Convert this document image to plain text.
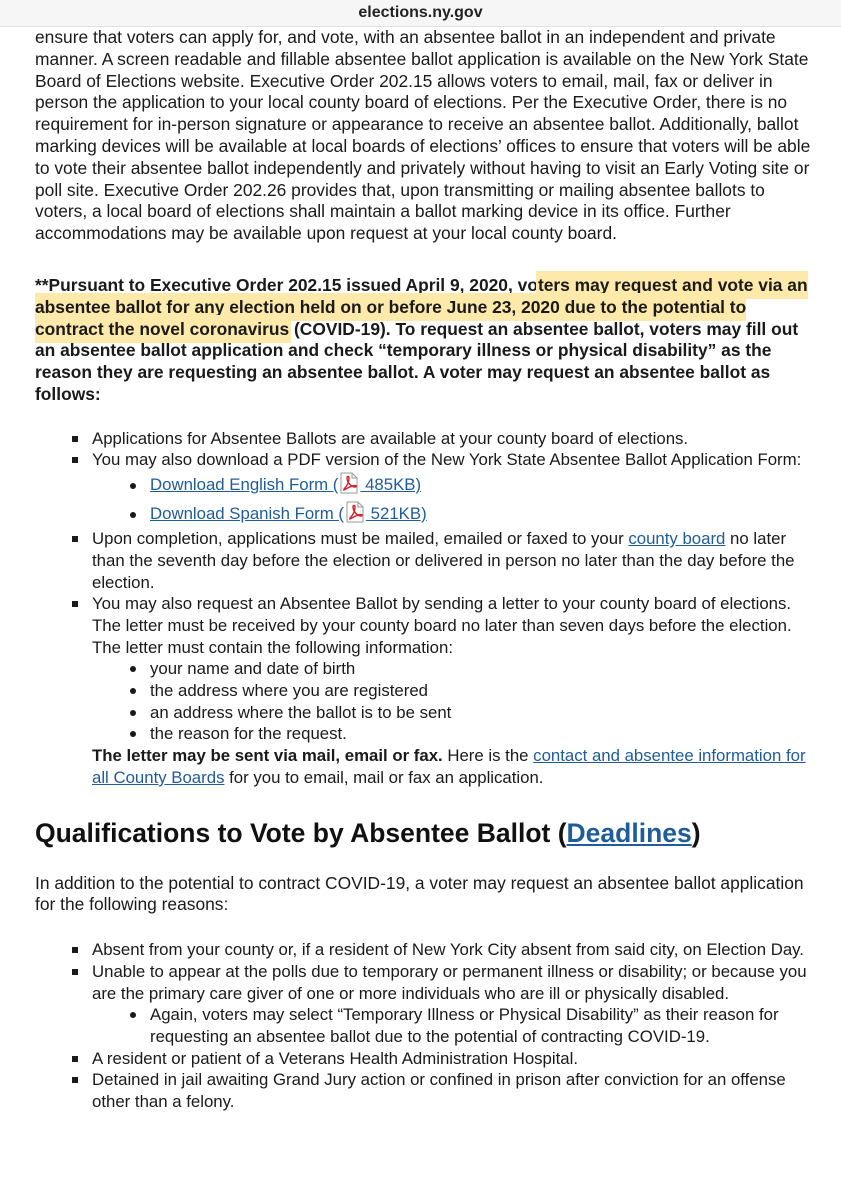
elections.ny.gov

ensure that voters can apply for, and vote, with an absentee ballot in an independent and private manner. A screen readable and fillable absentee ballot application is available on the New York State Board of Elections website. Executive Order 202.15 allows voters to email, mail, fax or deliver in person the application to your local county board of elections. Per the Executive Order, there is no requirement for in-person signature or appearance to receive an absentee ballot. Additionally, ballot marking devices will be available at local boards of elections’ offices to ensure that voters will be able to vote their absentee ballot independently and privately without having to visit an Early Voting site or poll site. Executive Order 202.26 provides that, upon transmitting or mailing absentee ballots to voters, a local board of elections shall maintain a ballot marking device in its office. Further accommodations may be available upon request at your local county board.

**Pursuant to Executive Order 202.15 issued April 9, 2020, voters may request and vote via an absentee ballot for any election held on or before June 23, 2020 due to the potential to contract the novel coronavirus (COVID-19). To request an absentee ballot, voters may fill out an absentee ballot application and check “temporary illness or physical disability” as the reason they are requesting an absentee ballot. A voter may request an absentee ballot as follows:

Applications for Absentee Ballots are available at your county board of elections.
You may also download a PDF version of the New York State Absentee Ballot Application Form:
Download English Form ( 485KB)
Download Spanish Form ( 521KB)
Upon completion, applications must be mailed, emailed or faxed to your county board no later than the seventh day before the election or delivered in person no later than the day before the election.
You may also request an Absentee Ballot by sending a letter to your county board of elections. The letter must be received by your county board no later than seven days before the election. The letter must contain the following information:
your name and date of birth
the address where you are registered
an address where the ballot is to be sent
the reason for the request.
The letter may be sent via mail, email or fax. Here is the contact and absentee information for all County Boards for you to email, mail or fax an application.
Qualifications to Vote by Absentee Ballot (Deadlines)

In addition to the potential to contract COVID-19, a voter may request an absentee ballot application for the following reasons:

Absent from your county or, if a resident of New York City absent from said city, on Election Day.
Unable to appear at the polls due to temporary or permanent illness or disability; or because you are the primary care giver of one or more individuals who are ill or physically disabled.
Again, voters may select “Temporary Illness or Physical Disability” as their reason for requesting an absentee ballot due to the potential of contracting COVID-19.
A resident or patient of a Veterans Health Administration Hospital.
Detained in jail awaiting Grand Jury action or confined in prison after conviction for an offense other than a felony.
